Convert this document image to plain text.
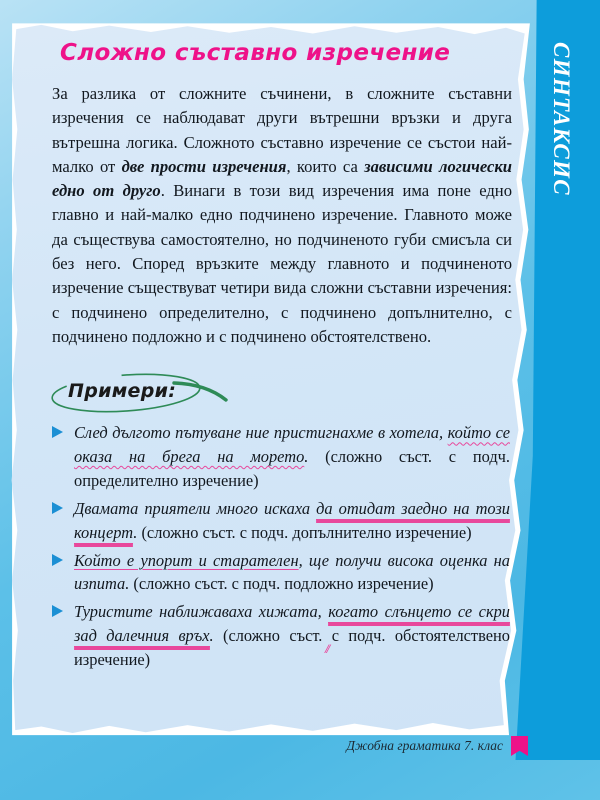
СИНТАКСИС
Сложно съставно изречение

За разлика от сложните съчинени, в сложните съставни изречения се наблюдават други вътрешни връзки и друга вътрешна логика. Сложното съставно изречение се състои най-малко от две прости изречения, които са зависими логически едно от друго. Винаги в този вид изречения има поне едно главно и най-малко едно подчинено изречение. Главното може да съществува самостоятелно, но подчиненото губи смисъла си без него. Според връзките между главното и подчиненото изречение съществуват четири вида сложни съставни изречения: с подчинено определително, с подчинено допълнително, с подчинено подложно и с подчинено обстоятелствено.

Примери:
След дългото пътуване ние пристигнахме в хотела, който се оказа на брега на морето. (сложно съст. с подч. определително изречение)
Дваматa приятели много искаха да отидат заедно на този концерт. (сложно съст. с подч. допълнително изречение)
Който е упорит и старателен, ще получи висока оценка на изпита. (сложно съст. с подч. подложно изречение)
Туристите наближаваха хижата, когато слънцето се скри зад далечния връх
//
. (сложно съст. с подч. обстоятелствено изречение)
Джобна граматика 7. клас
